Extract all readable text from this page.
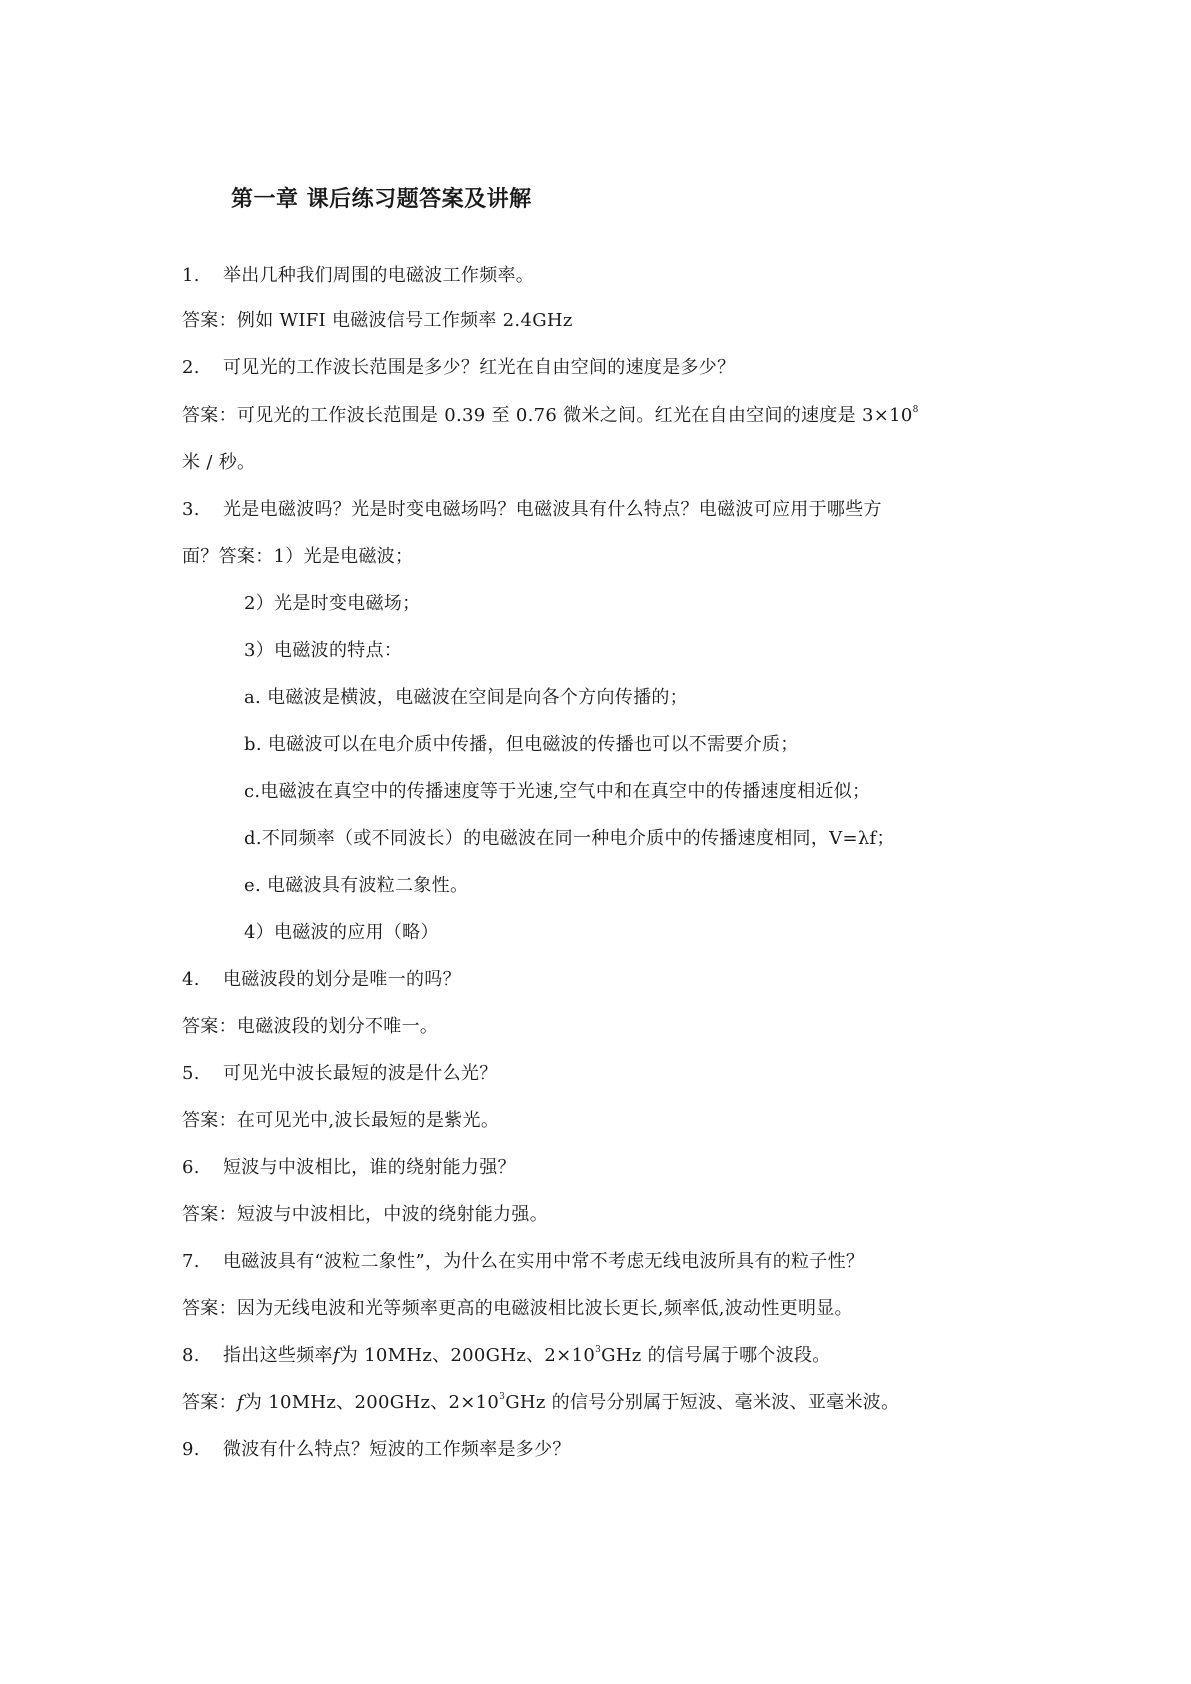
第一章 课后练习题答案及讲解
1. 举出几种我们周围的电磁波工作频率。
答案：例如 WIFI 电磁波信号工作频率 2.4GHz
2. 可见光的工作波长范围是多少？红光在自由空间的速度是多少？
答案：可见光的工作波长范围是 0.39 至 0.76 微米之间。红光在自由空间的速度是 $3\times 10^8$
米 / 秒。
3. 光是电磁波吗？光是时变电磁场吗？电磁波具有什么特点？电磁波可应用于哪些方
面？答案：1）光是电磁波；
2）光是时变电磁场；
3）电磁波的特点：
a. 电磁波是横波，电磁波在空间是向各个方向传播的；
b. 电磁波可以在电介质中传播，但电磁波的传播也可以不需要介质；
c.电磁波在真空中的传播速度等于光速,空气中和在真空中的传播速度相近似；
d.不同频率（或不同波长）的电磁波在同一种电介质中的传播速度相同，V=λf；
e. 电磁波具有波粒二象性。
4）电磁波的应用（略）
4. 电磁波段的划分是唯一的吗？
答案：电磁波段的划分不唯一。
5. 可见光中波长最短的波是什么光？
答案：在可见光中,波长最短的是紫光。
6. 短波与中波相比，谁的绕射能力强？
答案：短波与中波相比，中波的绕射能力强。
7. 电磁波具有“波粒二象性”，为什么在实用中常不考虑无线电波所具有的粒子性？
答案：因为无线电波和光等频率更高的电磁波相比波长更长,频率低,波动性更明显。
8. 指出这些频率f为 10MHz、200GHz、$2\times 10^3GHz$ 的信号属于哪个波段。
答案：f为 10MHz、200GHz、$2\times 10^3GHz$ 的信号分别属于短波、毫米波、亚毫米波。
9. 微波有什么特点？短波的工作频率是多少？
